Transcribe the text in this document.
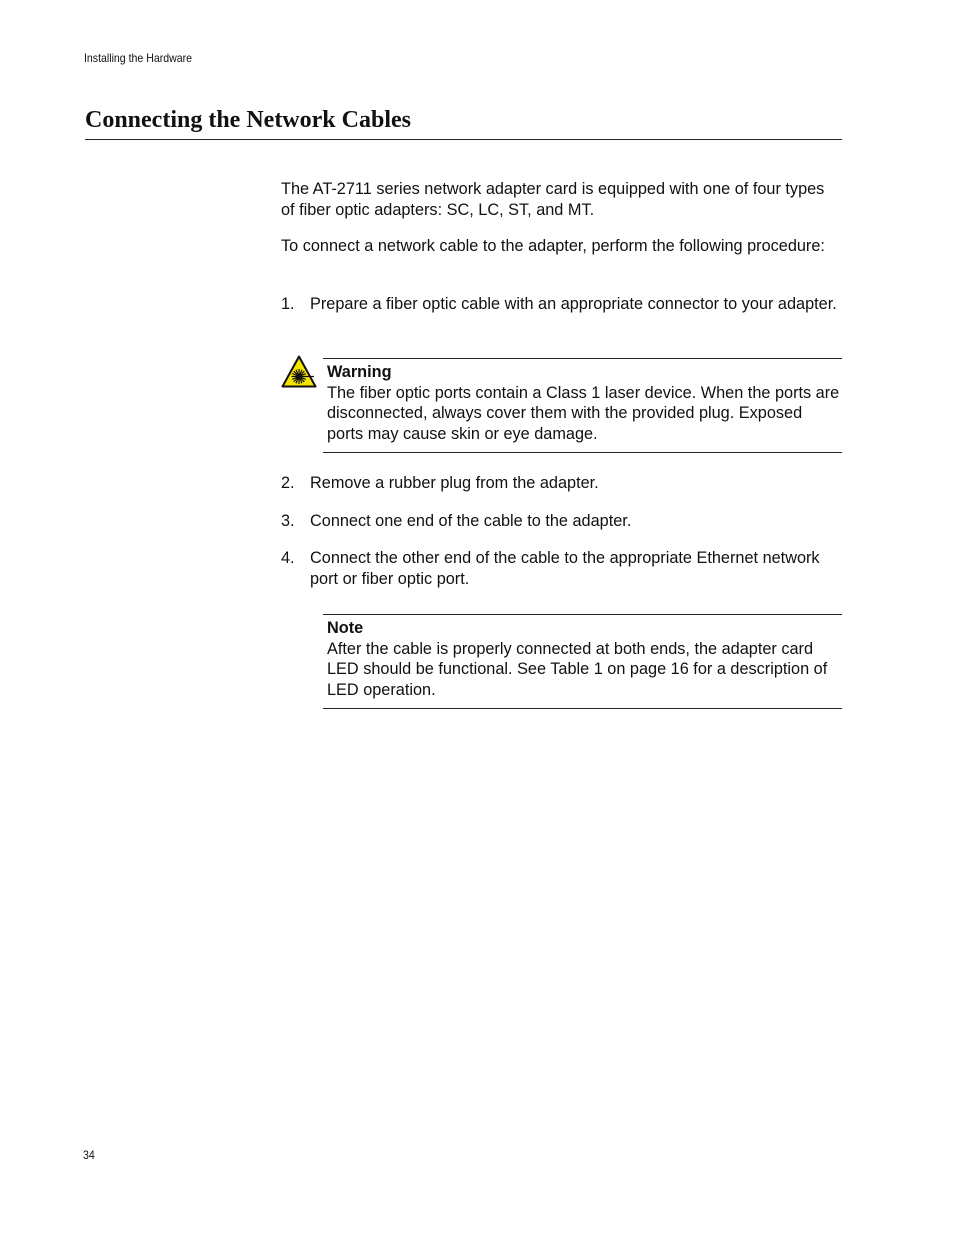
Installing the Hardware
Connecting the Network Cables

The AT-2711 series network adapter card is equipped with one of four types of fiber optic adapters: SC, LC, ST, and MT.

To connect a network cable to the adapter, perform the following procedure:

1. Prepare a fiber optic cable with an appropriate connector to your adapter.
Warning
The fiber optic ports contain a Class 1 laser device. When the ports are disconnected, always cover them with the provided plug. Exposed ports may cause skin or eye damage.
2. Remove a rubber plug from the adapter.
3. Connect one end of the cable to the adapter.
4. Connect the other end of the cable to the appropriate Ethernet network port or fiber optic port.
Note
After the cable is properly connected at both ends, the adapter card LED should be functional. See Table 1 on page 16 for a description of LED operation.
34
